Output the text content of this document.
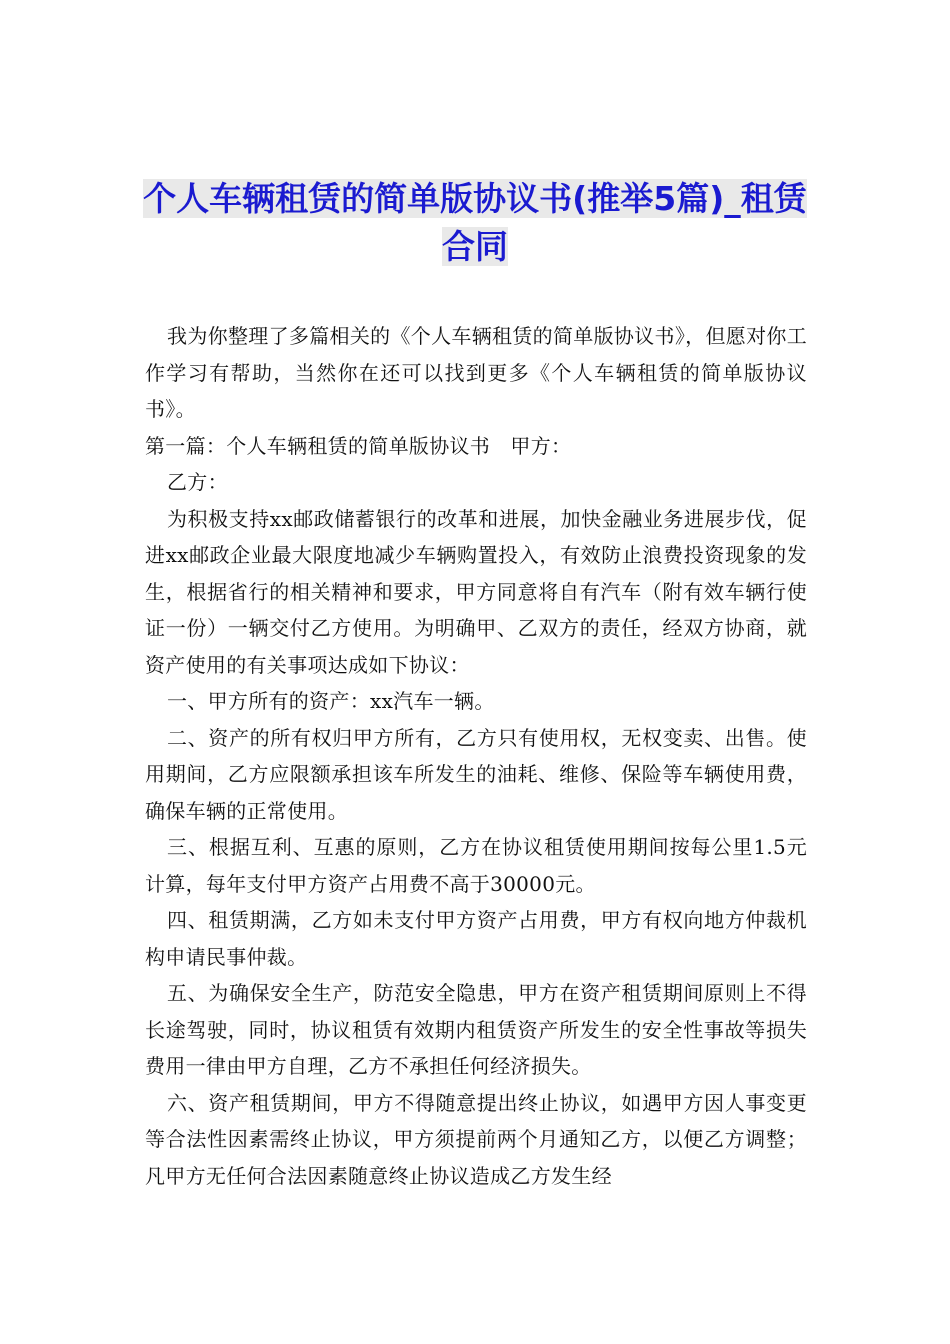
个人车辆租赁的简单版协议书(推举5篇)_租赁合同

我为你整理了多篇相关的《个人车辆租赁的简单版协议书》，但愿对你工作学习有帮助，当然你在还可以找到更多《个人车辆租赁的简单版协议书》。

第一篇：个人车辆租赁的简单版协议书　甲方：

乙方：

为积极支持xx邮政储蓄银行的改革和进展，加快金融业务进展步伐，促进xx邮政企业最大限度地减少车辆购置投入，有效防止浪费投资现象的发生，根据省行的相关精神和要求，甲方同意将自有汽车（附有效车辆行使证一份）一辆交付乙方使用。为明确甲、乙双方的责任，经双方协商，就资产使用的有关事项达成如下协议：

一、甲方所有的资产：xx汽车一辆。

二、资产的所有权归甲方所有，乙方只有使用权，无权变卖、出售。使用期间，乙方应限额承担该车所发生的油耗、维修、保险等车辆使用费，确保车辆的正常使用。

三、根据互利、互惠的原则，乙方在协议租赁使用期间按每公里1.5元计算，每年支付甲方资产占用费不高于30000元。

四、租赁期满，乙方如未支付甲方资产占用费，甲方有权向地方仲裁机构申请民事仲裁。

五、为确保安全生产，防范安全隐患，甲方在资产租赁期间原则上不得长途驾驶，同时，协议租赁有效期内租赁资产所发生的安全性事故等损失费用一律由甲方自理，乙方不承担任何经济损失。

六、资产租赁期间，甲方不得随意提出终止协议，如遇甲方因人事变更等合法性因素需终止协议，甲方须提前两个月通知乙方，以便乙方调整；凡甲方无任何合法因素随意终止协议造成乙方发生经
